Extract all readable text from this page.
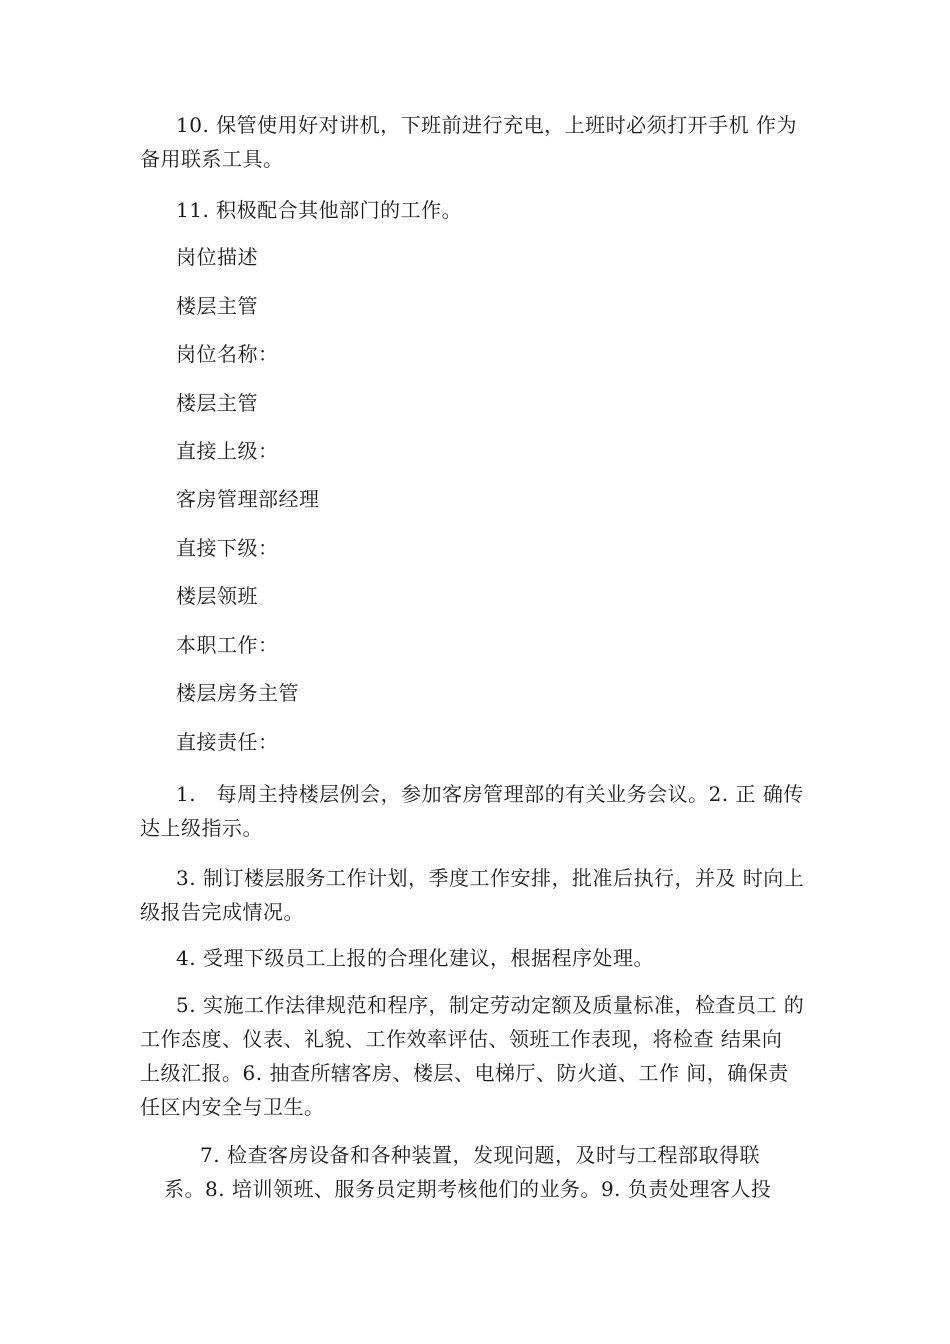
10. 保管使用好对讲机，下班前进行充电，上班时必须打开手机 作为
备用联系工具。
11. 积极配合其他部门的工作。
岗位描述
楼层主管
岗位名称：
楼层主管
直接上级：
客房管理部经理
直接下级：
楼层领班
本职工作：
楼层房务主管
直接责任：
1.　每周主持楼层例会，参加客房管理部的有关业务会议。2. 正 确传
达上级指示。
3. 制订楼层服务工作计划，季度工作安排，批准后执行，并及 时向上
级报告完成情况。
4. 受理下级员工上报的合理化建议，根据程序处理。
5. 实施工作法律规范和程序，制定劳动定额及质量标准，检查员工 的
工作态度、仪表、礼貌、工作效率评估、领班工作表现，将检查 结果向
上级汇报。6. 抽查所辖客房、楼层、电梯厅、防火道、工作 间，确保责
任区内安全与卫生。
7. 检查客房设备和各种装置，发现问题，及时与工程部取得联
系。8. 培训领班、服务员定期考核他们的业务。9. 负责处理客人投
